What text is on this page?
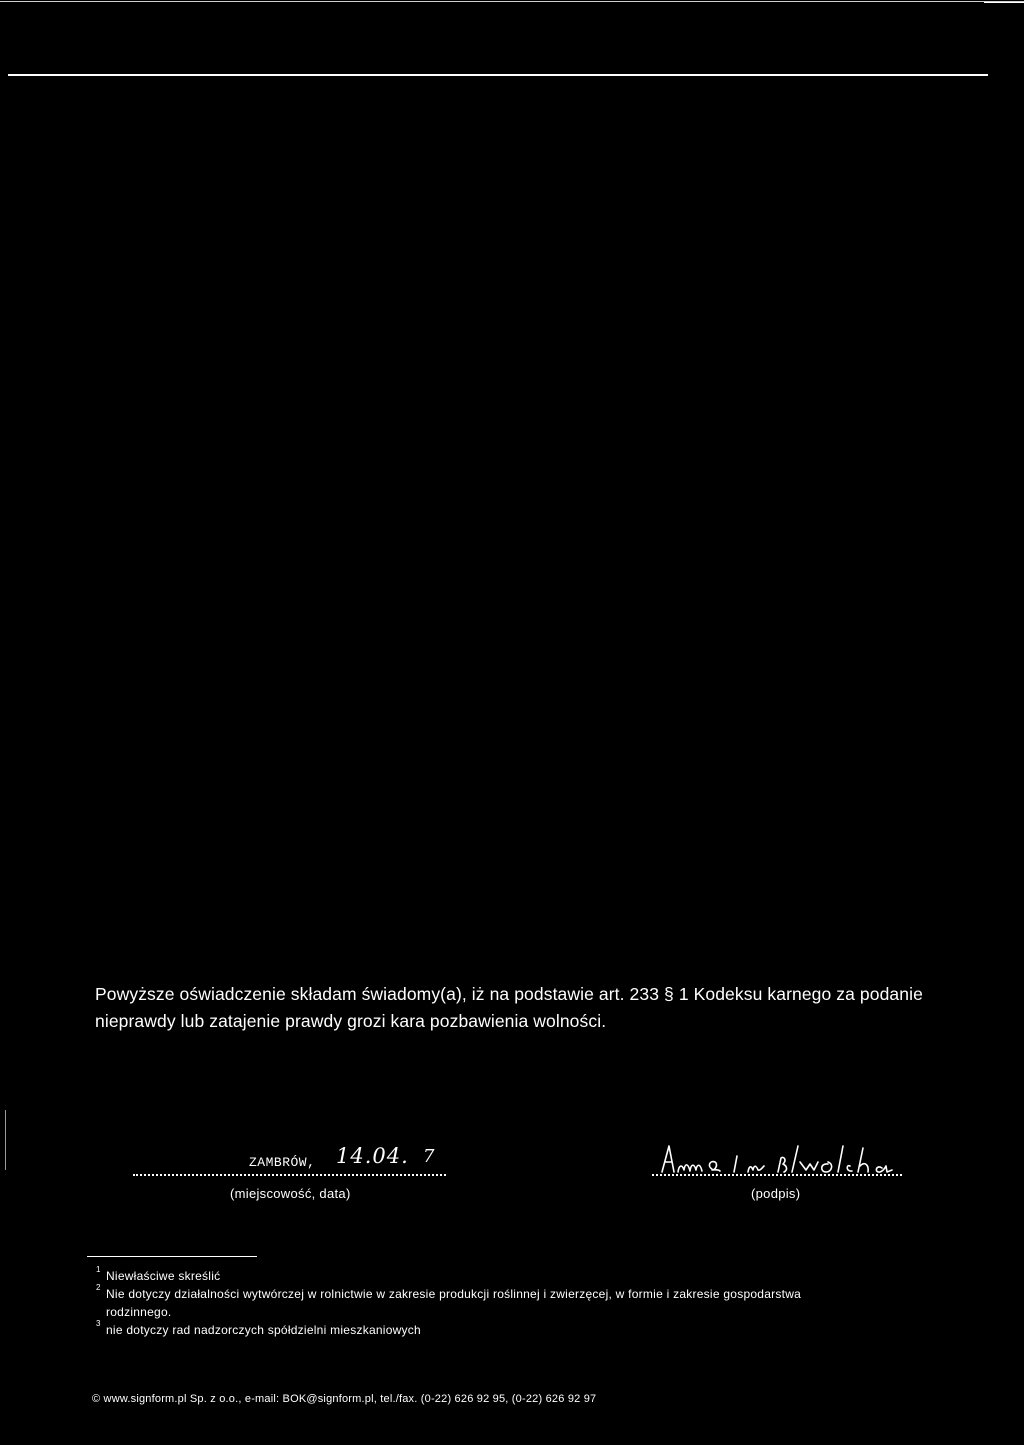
Powyższe oświadczenie składam świadomy(a), iż na podstawie art. 233 § 1 Kodeksu karnego za podanie

nieprawdy lub zatajenie prawdy grozi kara pozbawienia wolności.

ZAMBRÓW, 14.04. 7
(miejscowość, data)	(podpis)
1 Niewłaściwe skreślić
2 Nie dotyczy działalności wytwórczej w rolnictwie w zakresie produkcji roślinnej i zwierzęcej, w formie i zakresie gospodarstwa
rodzinnego.
3 nie dotyczy rad nadzorczych spółdzielni mieszkaniowych
© www.signform.pl Sp. z o.o., e-mail: BOK@signform.pl, tel./fax. (0-22) 626 92 95, (0-22) 626 92 97
